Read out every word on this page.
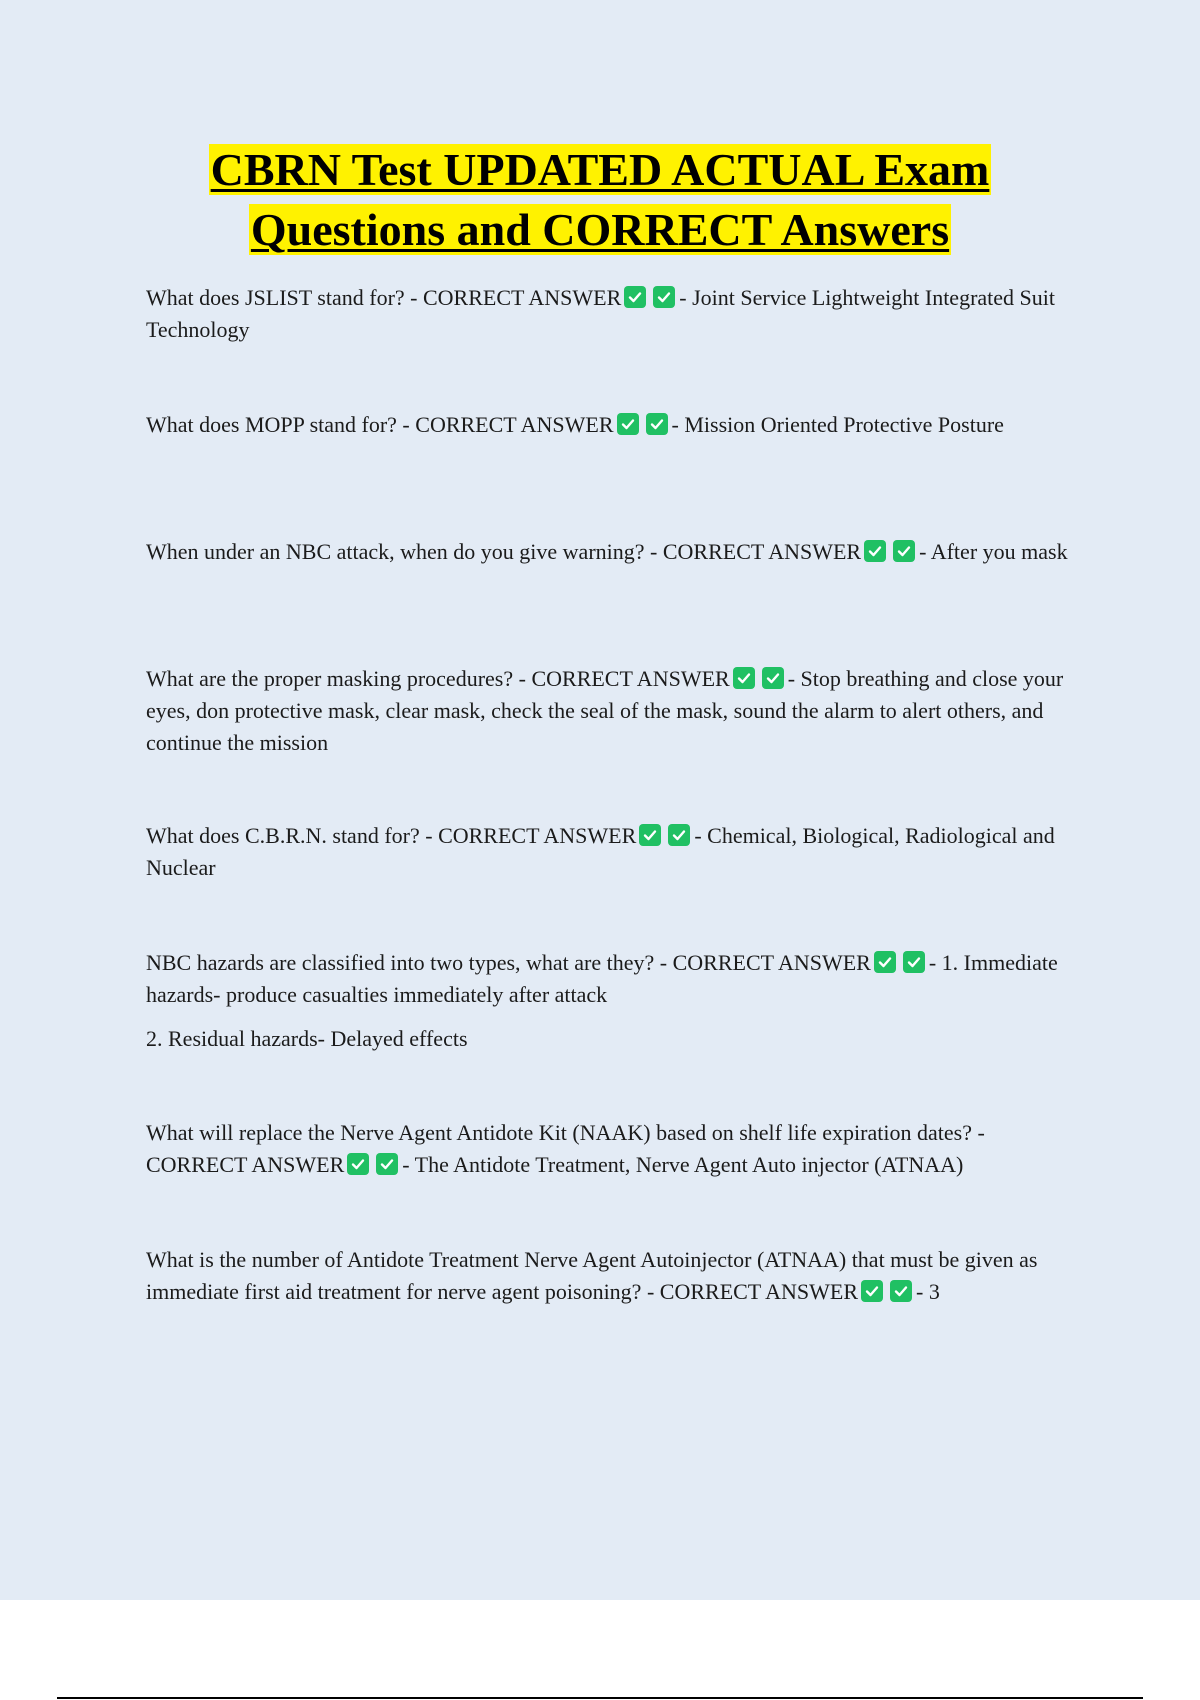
CBRN Test UPDATED ACTUAL Exam
Questions and CORRECT Answers

What does JSLIST stand for? - CORRECT ANSWER	- Joint Service Lightweight Integrated Suit Technology

What does MOPP stand for? - CORRECT ANSWER	- Mission Oriented Protective Posture

When under an NBC attack, when do you give warning? - CORRECT ANSWER	- After you mask

What are the proper masking procedures? - CORRECT ANSWER	- Stop breathing and close your eyes, don protective mask, clear mask, check the seal of the mask, sound the alarm to alert others, and continue the mission

What does C.B.R.N. stand for? - CORRECT ANSWER	- Chemical, Biological, Radiological and Nuclear

NBC hazards are classified into two types, what are they? - CORRECT ANSWER	- 1. Immediate hazards- produce casualties immediately after attack

2. Residual hazards- Delayed effects

What will replace the Nerve Agent Antidote Kit (NAAK) based on shelf life expiration dates? - CORRECT ANSWER	- The Antidote Treatment, Nerve Agent Auto injector (ATNAA)

What is the number of Antidote Treatment Nerve Agent Autoinjector (ATNAA) that must be given as immediate first aid treatment for nerve agent poisoning? - CORRECT ANSWER	- 3
